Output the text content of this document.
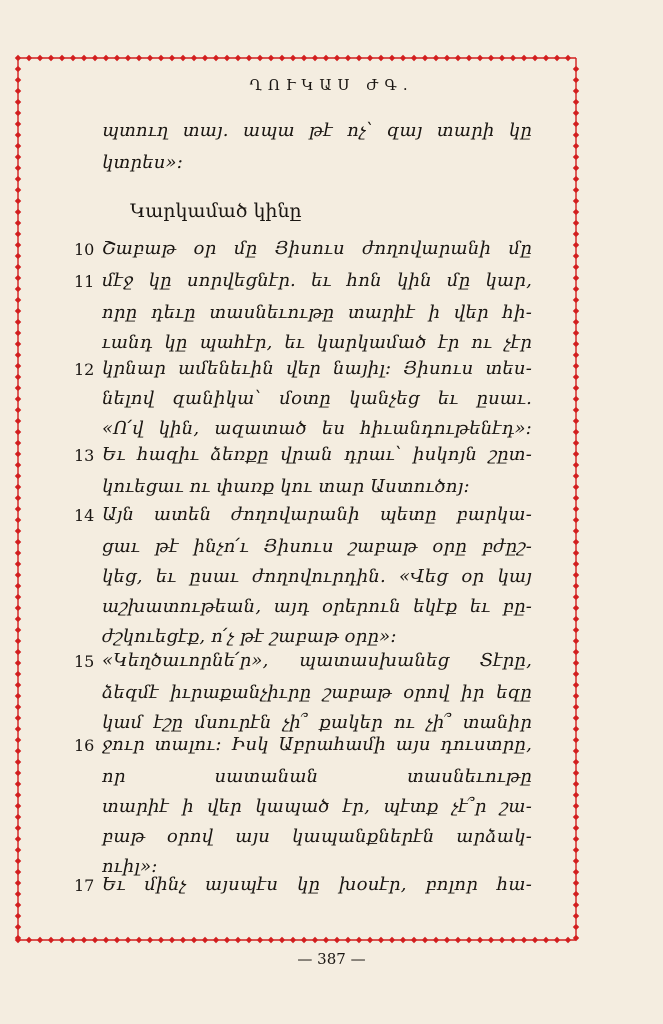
ՂՈՒԿԱՍ ԺԳ.
պտուղ տայ. ապա թէ ոչ՝ զայ տարի կը
կտրես»։
Կարկամած կինը
10 Շաբաթ օր մը Յիսուս ժողովարանի մը
11 մէջ կը սորվեցնէր. եւ հոն կին մը կար,
որը դեւը տասնեւութը տարիէ ի վեր հի-
ւանդ կը պահէր, եւ կարկամած էր ու չէր
12 կրնար ամենեւին վեր նայիլ։ Յիսուս տես-
նելով զանիկա՝ մօտը կանչեց եւ ըսաւ.
«Ո՛վ կին, ազատած ես հիւանդութենէդ»։
13 Եւ հազիւ ձեռքը վրան դրաւ՝ իսկոյն շըտ-
կուեցաւ ու փառք կու տար Աստուծոյ։
14 Այն ատեն ժողովարանի պետը բարկա-
ցաւ թէ ինչո՛ւ Յիսուս շաբաթ օրը բժըշ-
կեց, եւ ըսաւ ժողովուրդին. «Վեց օր կայ
աշխատութեան, այդ օրերուն եկէք եւ բը-
ժշկուեցէք, ո՛չ թէ շաբաթ օրը»։
15 «Կեղծաւորնե՛ր», պատասխանեց Տէրը,
ձեզմէ իւրաքանչիւրը շաբաթ օրով իր եզը
կամ էշը մսուրէն չի՞ քակեր ու չի՞ տանիր
16 ջուր տալու։ Իսկ Աբրահամի այս դուստրը,
որ սատանան տասնեւութը
տարիէ ի վեր կապած էր, պէտք չէ՞ր շա-
բաթ օրով այս կապանքներէն արձակ-
ուիլ»։
17 Եւ մինչ այսպէս կը խօսէր, բոլոր հա-
— 387 —
